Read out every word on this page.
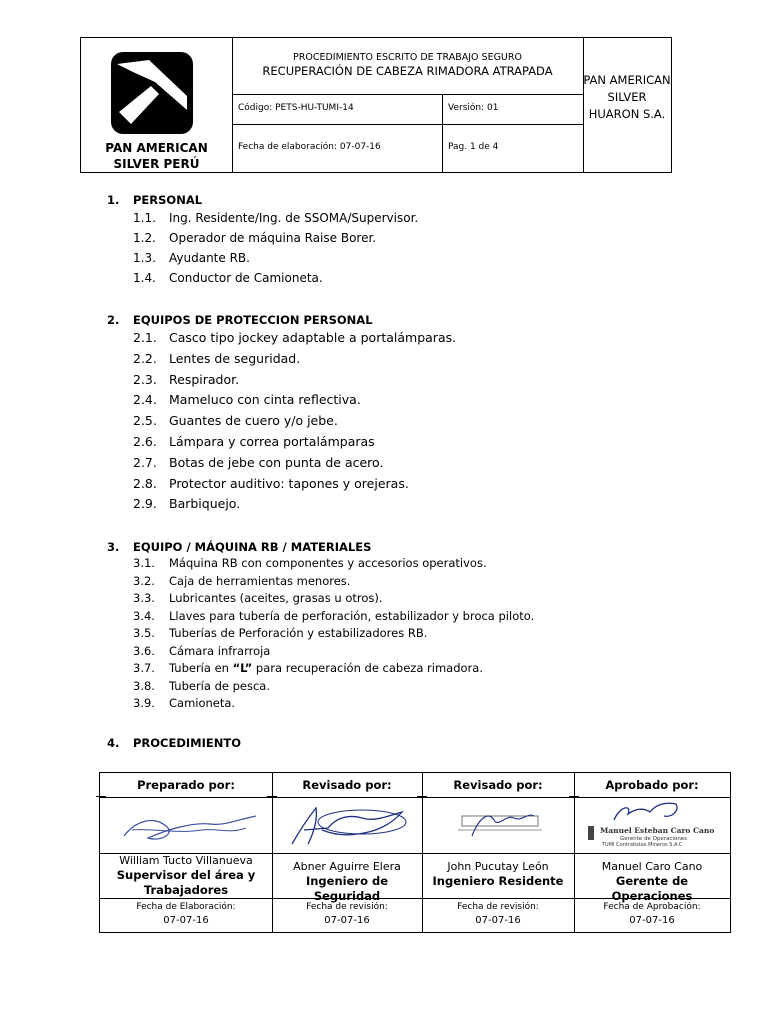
PAN AMERICAN SILVER PERÚ
PROCEDIMIENTO ESCRITO DE TRABAJO SEGURO
RECUPERACIÓN DE CABEZA RIMADORA ATRAPADA
Código: PETS-HU-TUMI-14	Versión: 01
Fecha de elaboración: 07-07-16	Pag. 1 de 4
PAN AMERICAN SILVER HUARON S.A.
1. PERSONAL
1.1. Ing. Residente/Ing. de SSOMA/Supervisor.
1.2. Operador de máquina Raise Borer.
1.3. Ayudante RB.
1.4. Conductor de Camioneta.
2. EQUIPOS DE PROTECCION PERSONAL
2.1. Casco tipo jockey adaptable a portalámparas.
2.2. Lentes de seguridad.
2.3. Respirador.
2.4. Mameluco con cinta reflectiva.
2.5. Guantes de cuero y/o jebe.
2.6. Lámpara y correa portalámparas
2.7. Botas de jebe con punta de acero.
2.8. Protector auditivo: tapones y orejeras.
2.9. Barbiquejo.
3. EQUIPO / MÁQUINA RB / MATERIALES
3.1. Máquina RB con componentes y accesorios operativos.
3.2. Caja de herramientas menores.
3.3. Lubricantes (aceites, grasas u otros).
3.4. Llaves para tubería de perforación, estabilizador y broca piloto.
3.5. Tuberías de Perforación y estabilizadores RB.
3.6. Cámara infrarroja
3.7. Tubería en “L” para recuperación de cabeza rimadora.
3.8. Tubería de pesca.
3.9. Camioneta.
4. PROCEDIMIENTO
Preparado por:
William Tucto Villanueva
Supervisor del área y Trabajadores
Fecha de Elaboración:
07-07-16
Revisado por:
Abner Aguirre Elera
Ingeniero de Seguridad
Fecha de revisión:
07-07-16
Revisado por:
John Pucutay León
Ingeniero Residente
Fecha de revisión:
07-07-16
Aprobado por:
Manuel Esteban Caro Cano
Gerente de Operaciones
TUMI Contratistas Mineros S.A.C
Manuel Caro Cano
Gerente de Operaciones
Fecha de Aprobación:
07-07-16
